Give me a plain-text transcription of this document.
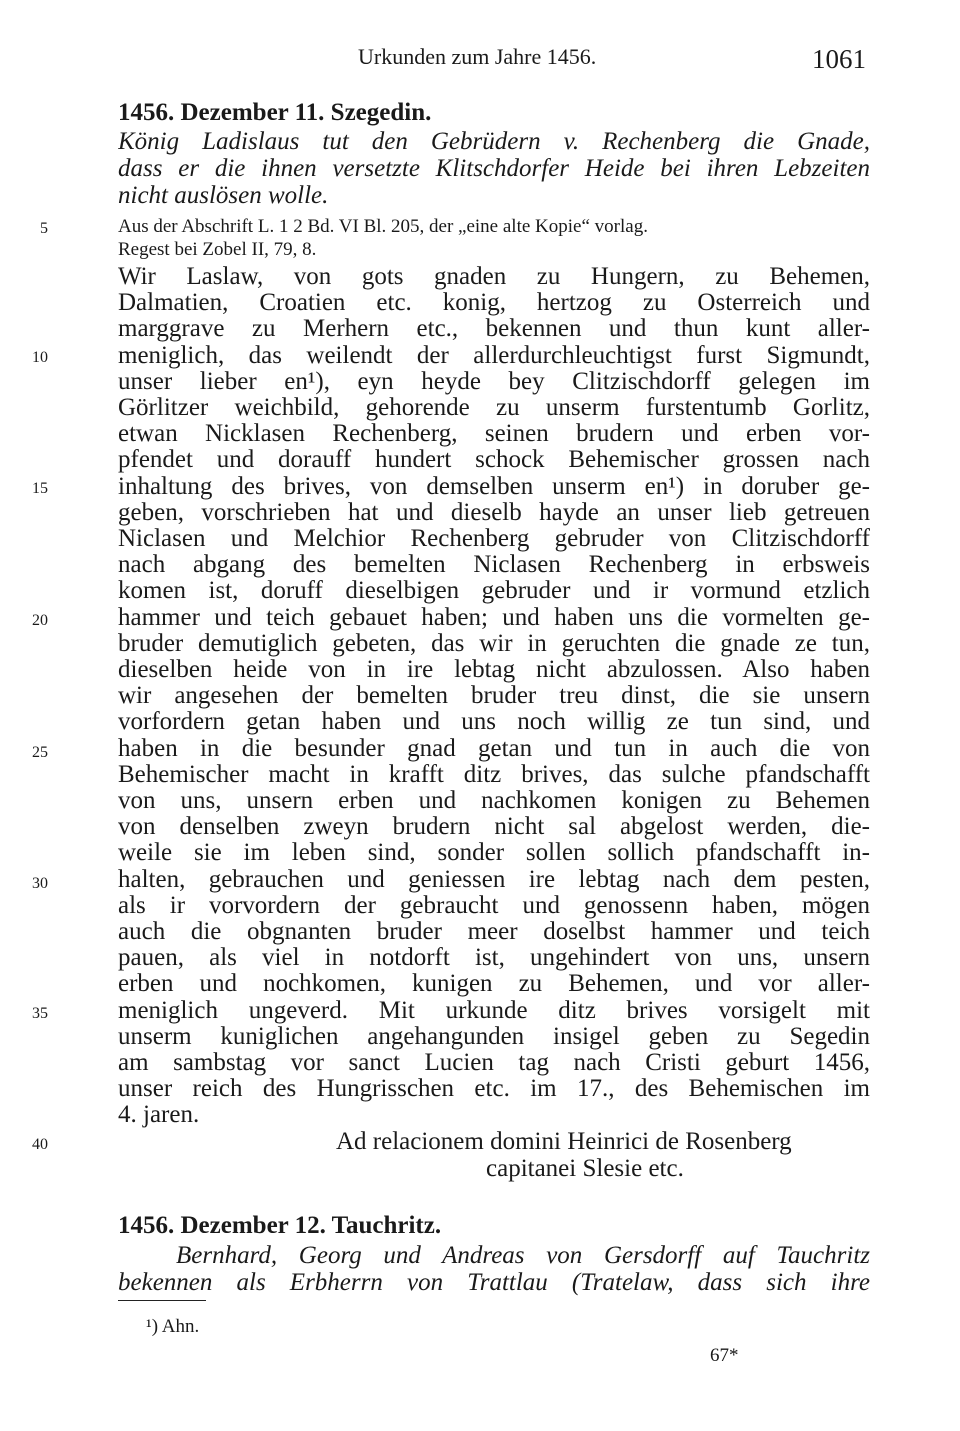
Urkunden zum Jahre 1456.	1061
1456. Dezember 11. Szegedin.
König Ladislaus tut den Gebrüdern v. Rechenberg die Gnade,
dass er die ihnen versetzte Klitschdorfer Heide bei ihren Lebzeiten
nicht auslösen wolle.
5	Aus der Abschrift L. 1 2 Bd. VI Bl. 205, der „eine alte Kopie“ vorlag.
Regest bei Zobel II, 79, 8.
Wir Laslaw, von gots gnaden zu Hungern, zu Behemen,
Dalmatien, Croatien etc. konig, hertzog zu Osterreich und
marggrave zu Merhern etc., bekennen und thun kunt aller-
meniglich, das weilendt der allerdurchleuchtigst furst Sigmundt,
unser lieber en¹), eyn heyde bey Clitzischdorff gelegen im
Görlitzer weichbild, gehorende zu unserm furstentumb Gorlitz,
etwan Nicklasen Rechenberg, seinen brudern und erben vor-
pfendet und dorauff hundert schock Behemischer grossen nach
inhaltung des brives, von demselben unserm en¹) in doruber ge-
geben, vorschrieben hat und dieselb hayde an unser lieb getreuen
Niclasen und Melchior Rechenberg gebruder von Clitzischdorff
nach abgang des bemelten Niclasen Rechenberg in erbsweis
komen ist, doruff dieselbigen gebruder und ir vormund etzlich
hammer und teich gebauet haben; und haben uns die vormelten ge-
bruder demutiglich gebeten, das wir in geruchten die gnade ze tun,
dieselben heide von in ire lebtag nicht abzulossen. Also haben
wir angesehen der bemelten bruder treu dinst, die sie unsern
vorfordern getan haben und uns noch willig ze tun sind, und
haben in die besunder gnad getan und tun in auch die von
Behemischer macht in krafft ditz brives, das sulche pfandschafft
von uns, unsern erben und nachkomen konigen zu Behemen
von denselben zweyn brudern nicht sal abgelost werden, die-
weile sie im leben sind, sonder sollen sollich pfandschafft in-
halten, gebrauchen und geniessen ire lebtag nach dem pesten,
als ir vorvordern der gebraucht und genossenn haben, mögen
auch die obgnanten bruder meer doselbst hammer und teich
pauen, als viel in notdorft ist, ungehindert von uns, unsern
erben und nochkomen, kunigen zu Behemen, und vor aller-
meniglich ungeverd. Mit urkunde ditz brives vorsigelt mit
unserm kuniglichen angehangunden insigel geben zu Segedin
am sambstag vor sanct Lucien tag nach Cristi geburt 1456,
unser reich des Hungrisschen etc. im 17., des Behemischen im
4. jaren.
10
15
20
25
30
35
40	Ad relacionem domini Heinrici de Rosenberg
capitanei Slesie etc.
1456. Dezember 12. Tauchritz.
Bernhard, Georg und Andreas von Gersdorff auf Tauchritz
bekennen als Erbherrn von Trattlau (Tratelaw, dass sich ihre
¹) Ahn.
67*
